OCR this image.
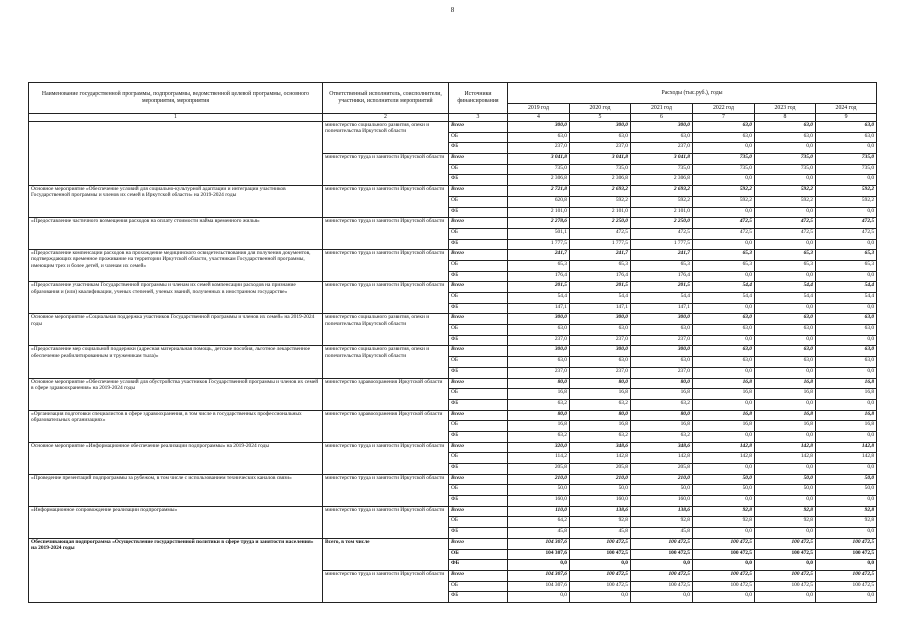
8
Наименование государственной программы, подпрограммы, ведомственной целевой программы, основного мероприятия, мероприятия	Ответственный исполнитель, соисполнители, участники, исполнители мероприятий	Источники финансирования	Расходы (тыс.руб.), годы					
			2019 год	2020 год	2021 год	2022 год	2023 год	2024 год
1	2	3	4	5	6	7	8	9
	министерство социального развития, опеки и попечительства Иркутской области	Всего	300,0	300,0	300,0	63,0	63,0	63,0
		ОБ	63,0	63,0	63,0	63,0	63,0	63,0
		ФБ	237,0	237,0	237,0	0,0	0,0	0,0
	министерство труда и занятости Иркутской области	Всего	3 041,8	3 041,8	3 041,8	735,0	735,0	735,0
		ОБ	735,0	735,0	735,0	735,0	735,0	735,0
		ФБ	2 306,8	2 306,8	2 306,8	0,0	0,0	0,0
Основное мероприятие «Обеспечение условий для социально-культурной адаптации и интеграции участников Государственной программы и членов их семей в Иркутской области» на 2019-2024 годы	министерство труда и занятости Иркутской области	Всего	2 721,8	2 693,2	2 693,2	592,2	592,2	592,2
		ОБ	620,8	592,2	592,2	592,2	592,2	592,2
		ФБ	2 101,0	2 101,0	2 101,0	0,0	0,0	0,0
«Предоставление частичного возмещения расходов на оплату стоимости найма временного жилья»	министерство труда и занятости Иркутской области	Всего	2 278,6	2 250,0	2 250,0	472,5	472,5	472,5
		ОБ	501,1	472,5	472,5	472,5	472,5	472,5
		ФБ	1 777,5	1 777,5	1 777,5	0,0	0,0	0,0
«Предоставление компенсации расходов на прохождение медицинского освидетельствования для получения документов, подтверждающих временное проживание на территории Иркутской области, участникам Государственной программы, имеющим трех и более детей, и членам их семей»	министерство труда и занятости Иркутской области	Всего	241,7	241,7	241,7	65,3	65,3	65,3
		ОБ	65,3	65,3	65,3	65,3	65,3	65,3
		ФБ	176,4	176,4	176,4	0,0	0,0	0,0
«Предоставление участникам Государственной программы и членам их семей компенсации расходов на признание образования и (или) квалификации, ученых степеней, ученых званий, полученных в иностранном государстве»	министерство труда и занятости Иркутской области	Всего	201,5	201,5	201,5	54,4	54,4	54,4
		ОБ	54,4	54,4	54,4	54,4	54,4	54,4
		ФБ	147,1	147,1	147,1	0,0	0,0	0,0
Основное мероприятие «Социальная поддержка участников Государственной программы и членов их семей» на 2019-2024 годы	министерство социального развития, опеки и попечительства Иркутской области	Всего	300,0	300,0	300,0	63,0	63,0	63,0
		ОБ	63,0	63,0	63,0	63,0	63,0	63,0
		ФБ	237,0	237,0	237,0	0,0	0,0	0,0
«Предоставление мер социальной поддержки (адресная материальная помощь, детские пособия, льготное лекарственное обеспечение реабилитированным и труженикам тыла)»	министерство социального развития, опеки и попечительства Иркутской области	Всего	300,0	300,0	300,0	63,0	63,0	63,0
		ОБ	63,0	63,0	63,0	63,0	63,0	63,0
		ФБ	237,0	237,0	237,0	0,0	0,0	0,0
Основное мероприятие «Обеспечение условий для обустройства участников Государственной программы и членов их семей в сфере здравоохранения» на 2019-2024 годы	министерство здравоохранения Иркутской области	Всего	80,0	80,0	80,0	16,8	16,8	16,8
		ОБ	16,8	16,8	16,8	16,8	16,8	16,8
		ФБ	63,2	63,2	63,2	0,0	0,0	0,0
«Организация подготовки специалистов в сфере здравоохранения, в том числе в государственных профессиональных образовательных организациях»	министерство здравоохранения Иркутской области	Всего	80,0	80,0	80,0	16,8	16,8	16,8
		ОБ	16,8	16,8	16,8	16,8	16,8	16,8
		ФБ	63,2	63,2	63,2	0,0	0,0	0,0
Основное мероприятие «Информационное обеспечение реализации подпрограммы» на 2019-2024 годы	министерство труда и занятости Иркутской области	Всего	320,0	348,6	348,6	142,8	142,8	142,8
		ОБ	114,2	142,8	142,8	142,8	142,8	142,8
		ФБ	205,8	205,8	205,8	0,0	0,0	0,0
«Проведение презентаций подпрограммы за рубежом, в том числе с использованием технических каналов связи»	министерство труда и занятости Иркутской области	Всего	210,0	210,0	210,0	50,0	50,0	50,0
		ОБ	50,0	50,0	50,0	50,0	50,0	50,0
		ФБ	160,0	160,0	160,0	0,0	0,0	0,0
«Информационное сопровождение реализации подпрограммы»	министерство труда и занятости Иркутской области	Всего	110,0	138,6	138,6	92,8	92,8	92,8
		ОБ	64,2	92,8	92,8	92,8	92,8	92,8
		ФБ	45,8	45,8	45,8	0,0	0,0	0,0
Обеспечивающая подпрограмма «Осуществление государственной политики в сфере труда и занятости населения» на 2019-2024 годы	Всего, в том числе	Всего	104 307,6	100 472,5	100 472,5	100 472,5	100 472,5	100 472,5
		ОБ	104 307,6	100 472,5	100 472,5	100 472,5	100 472,5	100 472,5
		ФБ	0,0	0,0	0,0	0,0	0,0	0,0
	министерство труда и занятости Иркутской области	Всего	104 307,6	100 472,5	100 472,5	100 472,5	100 472,5	100 472,5
		ОБ	104 307,6	100 472,5	100 472,5	100 472,5	100 472,5	100 472,5
		ФБ	0,0	0,0	0,0	0,0	0,0	0,0
